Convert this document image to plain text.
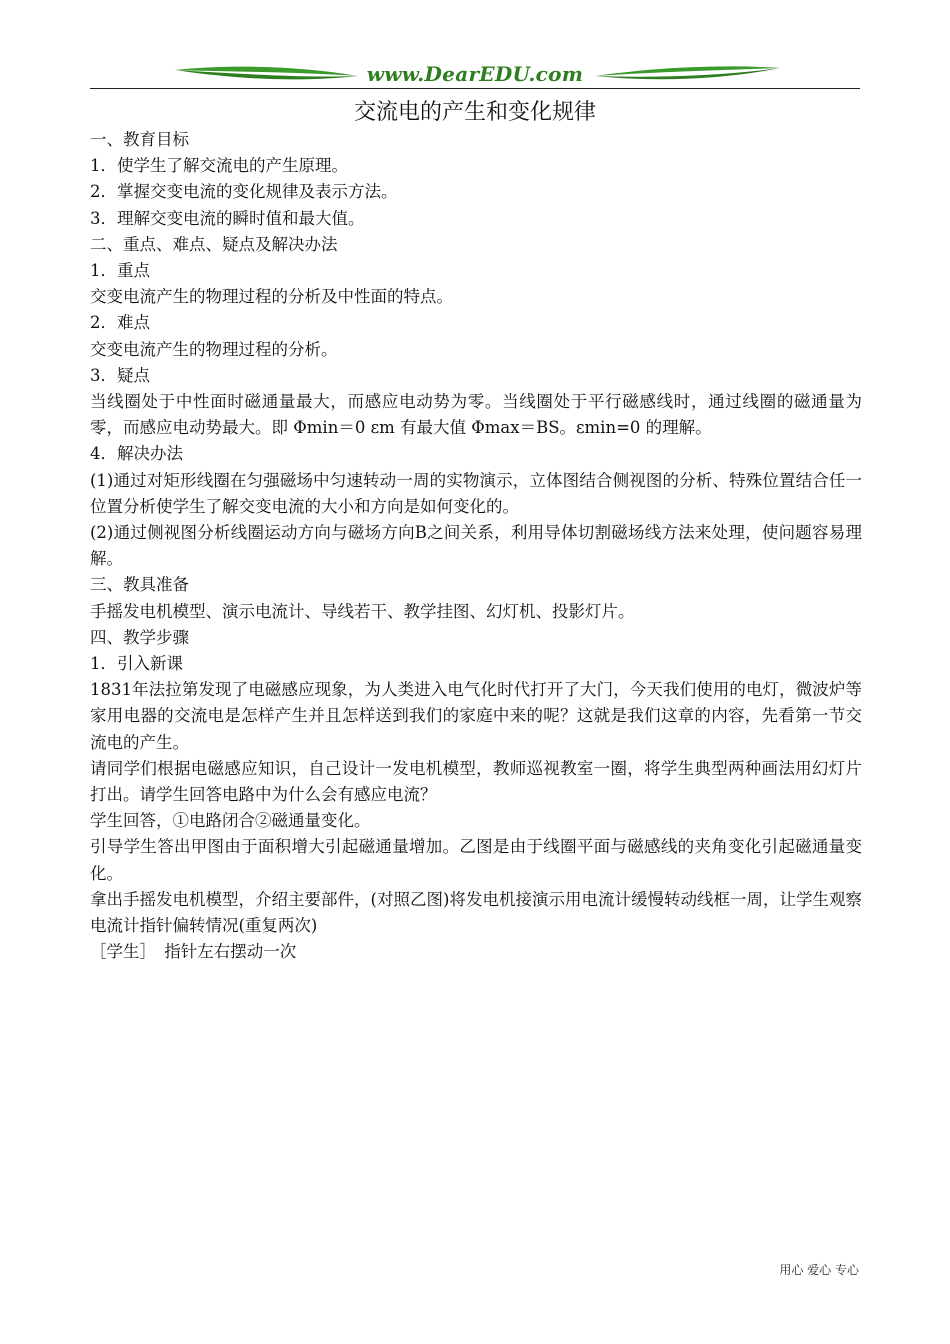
www.DearEDU.com
交流电的产生和变化规律

一、教育目标

1．使学生了解交流电的产生原理。

2．掌握交变电流的变化规律及表示方法。

3．理解交变电流的瞬时值和最大值。

二、重点、难点、疑点及解决办法

1．重点

交变电流产生的物理过程的分析及中性面的特点。

2．难点

交变电流产生的物理过程的分析。

3．疑点

当线圈处于中性面时磁通量最大，而感应电动势为零。当线圈处于平行磁感线时，通过线圈的磁通量为零，而感应电动势最大。即 Φmin＝0 εm 有最大值 Φmax＝BS。εmin=0 的理解。

4．解决办法

(1)通过对矩形线圈在匀强磁场中匀速转动一周的实物演示，立体图结合侧视图的分析、特殊位置结合任一位置分析使学生了解交变电流的大小和方向是如何变化的。

(2)通过侧视图分析线圈运动方向与磁场方向B之间关系，利用导体切割磁场线方法来处理，使问题容易理解。

三、教具准备

手摇发电机模型、演示电流计、导线若干、教学挂图、幻灯机、投影灯片。

四、教学步骤

1．引入新课

1831年法拉第发现了电磁感应现象，为人类进入电气化时代打开了大门，今天我们使用的电灯，微波炉等家用电器的交流电是怎样产生并且怎样送到我们的家庭中来的呢？这就是我们这章的内容，先看第一节交流电的产生。

请同学们根据电磁感应知识，自己设计一发电机模型，教师巡视教室一圈，将学生典型两种画法用幻灯片打出。请学生回答电路中为什么会有感应电流？

学生回答，①电路闭合②磁通量变化。

引导学生答出甲图由于面积增大引起磁通量增加。乙图是由于线圈平面与磁感线的夹角变化引起磁通量变化。

拿出手摇发电机模型，介绍主要部件，(对照乙图)将发电机接演示用电流计缓慢转动线框一周，让学生观察电流计指针偏转情况(重复两次)

［学生］　指针左右摆动一次

用心 爱心 专心
